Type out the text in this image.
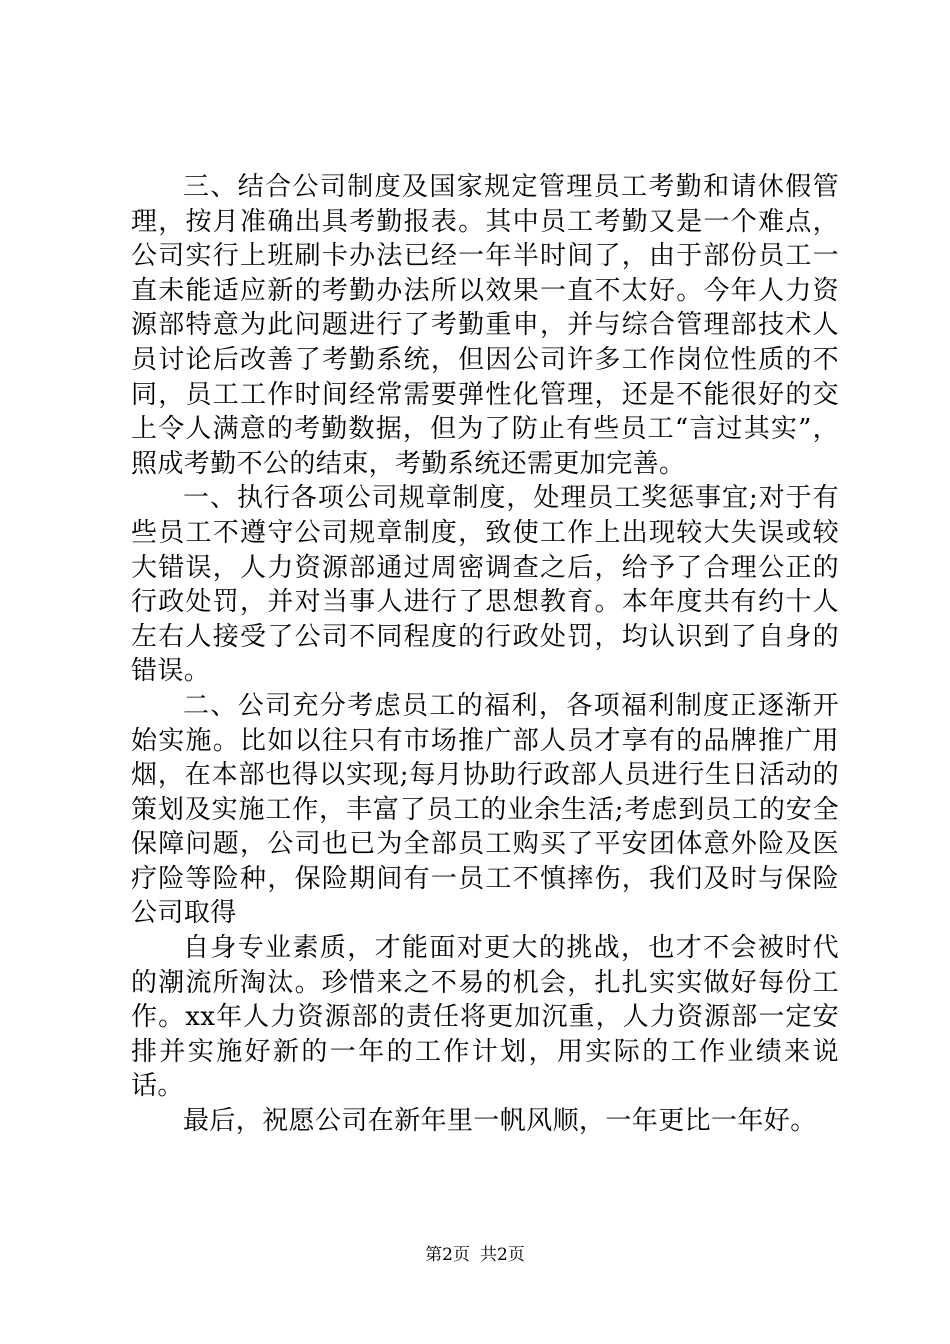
三、结合公司制度及国家规定管理员工考勤和请休假管理，按月准确出具考勤报表。其中员工考勤又是一个难点，公司实行上班刷卡办法已经一年半时间了，由于部份员工一直未能适应新的考勤办法所以效果一直不太好。今年人力资源部特意为此问题进行了考勤重申，并与综合管理部技术人员讨论后改善了考勤系统，但因公司许多工作岗位性质的不同，员工工作时间经常需要弹性化管理，还是不能很好的交上令人满意的考勤数据，但为了防止有些员工“言过其实”，照成考勤不公的结束，考勤系统还需更加完善。

一、执行各项公司规章制度，处理员工奖惩事宜;对于有些员工不遵守公司规章制度，致使工作上出现较大失误或较大错误，人力资源部通过周密调查之后，给予了合理公正的行政处罚，并对当事人进行了思想教育。本年度共有约十人左右人接受了公司不同程度的行政处罚，均认识到了自身的错误。

二、公司充分考虑员工的福利，各项福利制度正逐渐开始实施。比如以往只有市场推广部人员才享有的品牌推广用烟，在本部也得以实现;每月协助行政部人员进行生日活动的策划及实施工作，丰富了员工的业余生活;考虑到员工的安全保障问题，公司也已为全部员工购买了平安团体意外险及医疗险等险种，保险期间有一员工不慎摔伤，我们及时与保险公司取得

自身专业素质，才能面对更大的挑战，也才不会被时代的潮流所淘汰。珍惜来之不易的机会，扎扎实实做好每份工作。xx年人力资源部的责任将更加沉重，人力资源部一定安排并实施好新的一年的工作计划，用实际的工作业绩来说话。

最后，祝愿公司在新年里一帆风顺，一年更比一年好。

第2页 共2页
